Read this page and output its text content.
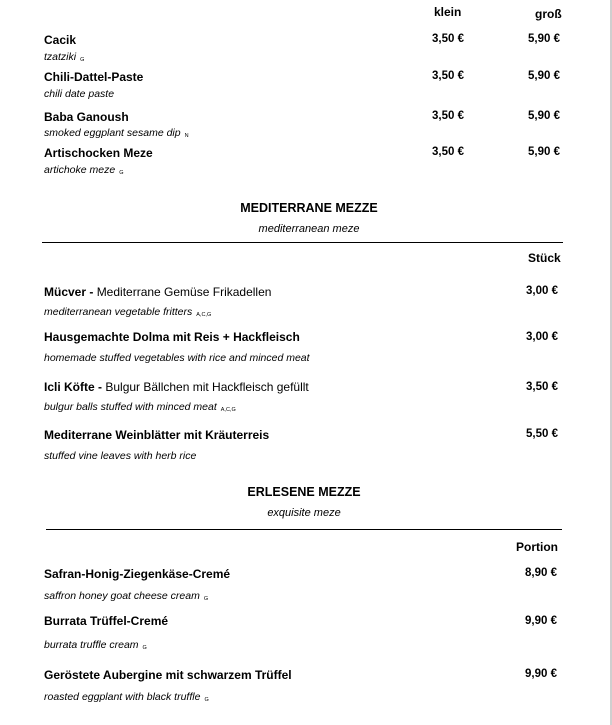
klein	groß
Cacik
tzatziki G
3,50 €	5,90 €
Chili-Dattel-Paste
chili date paste
3,50 €	5,90 €
Baba Ganoush
smoked eggplant sesame dip N
3,50 €	5,90 €
Artischocken Meze
artichoke meze G
3,50 €	5,90 €
MEDITERRANE MEZZE
mediterranean meze
Stück
Mücver - Mediterrane Gemüse Frikadellen
mediterranean vegetable fritters A,C,G
3,00 €
Hausgemachte Dolma mit Reis + Hackfleisch
homemade stuffed vegetables with rice and minced meat
3,00 €
Icli Köfte - Bulgur Bällchen mit Hackfleisch gefüllt
bulgur balls stuffed with minced meat A,C,G
3,50 €
Mediterrane Weinblätter mit Kräuterreis
stuffed vine leaves with herb rice
5,50 €
ERLESENE MEZZE
exquisite meze
Portion
Safran-Honig-Ziegenkäse-Cremé
saffron honey goat cheese cream G
8,90 €
Burrata Trüffel-Cremé
burrata truffle cream G
9,90 €
Geröstete Aubergine mit schwarzem Trüffel
roasted eggplant with black truffle G
9,90 €
